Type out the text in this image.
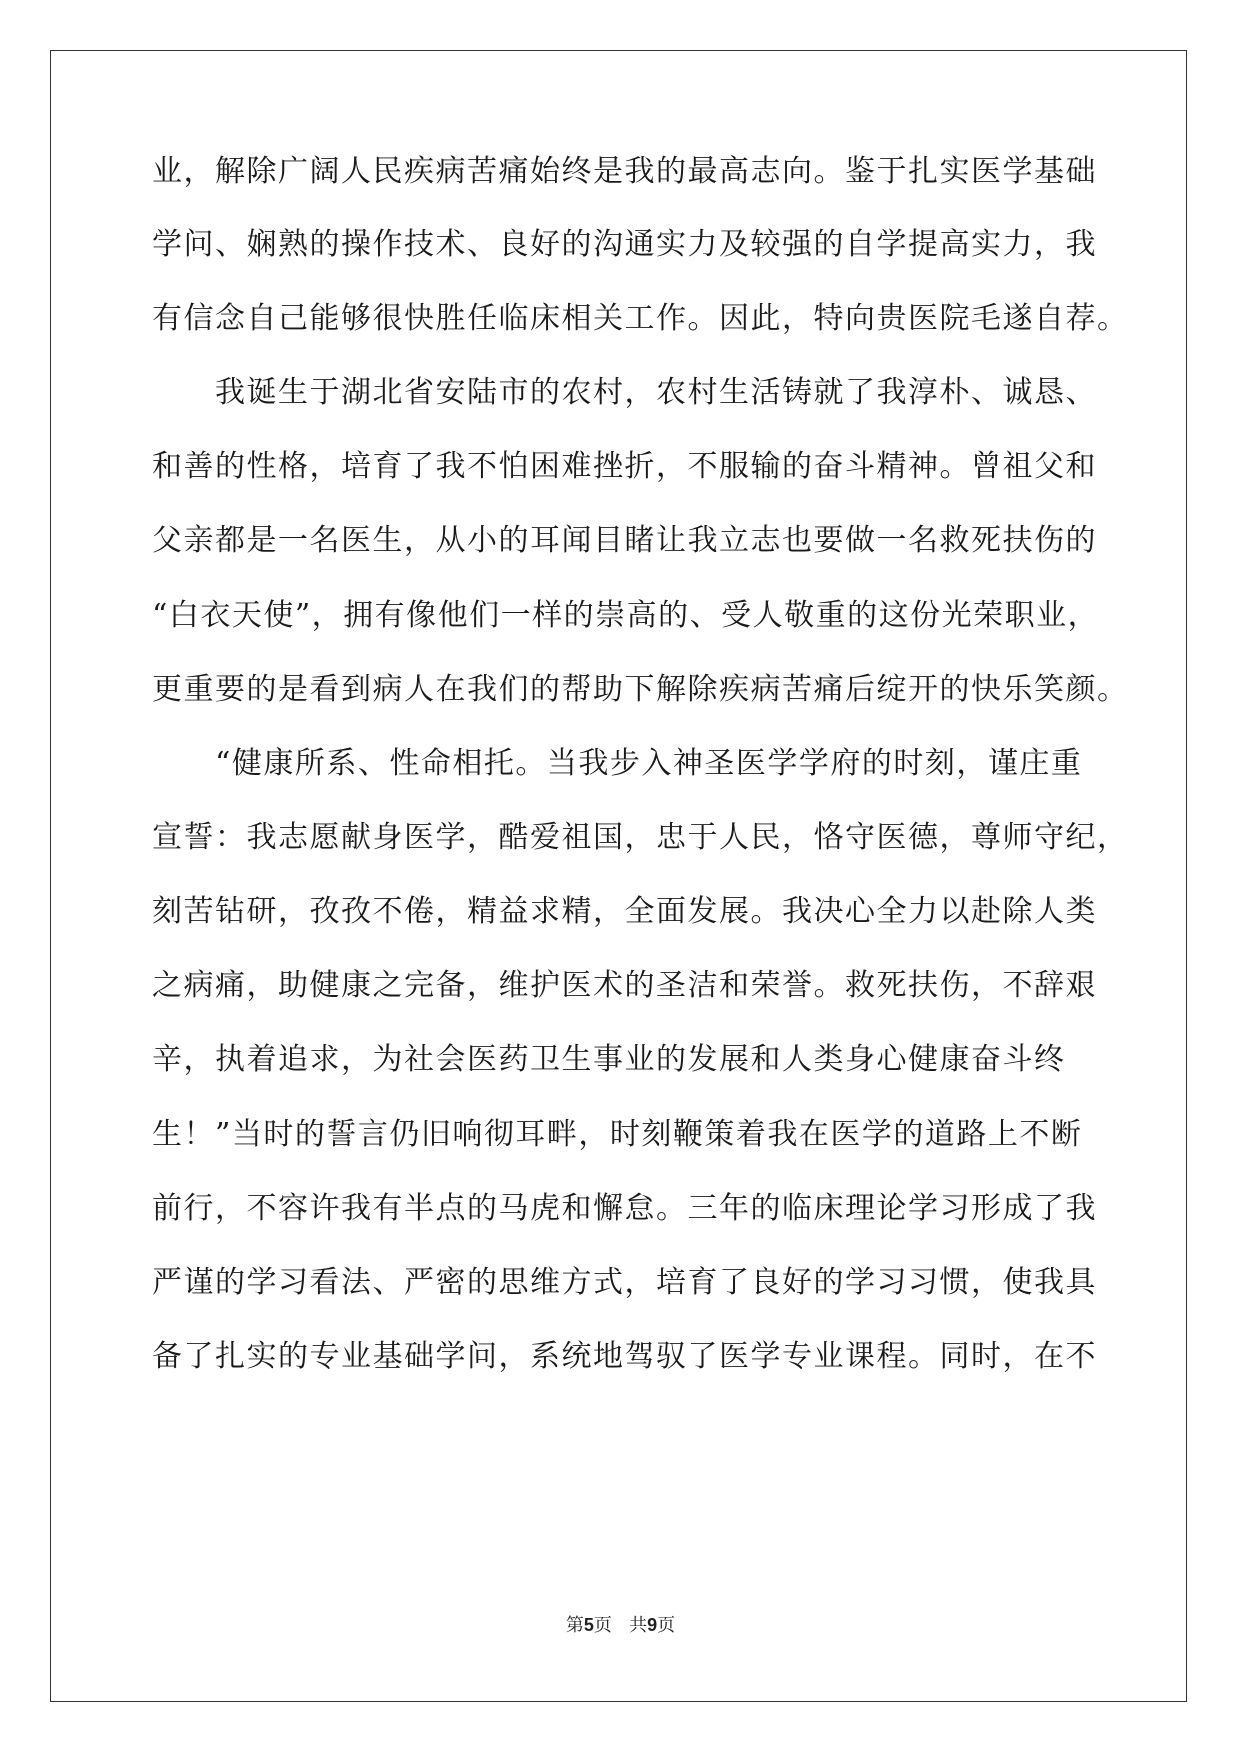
业，解除广阔人民疾病苦痛始终是我的最高志向。鉴于扎实医学基础
学问、娴熟的操作技术、良好的沟通实力及较强的自学提高实力，我
有信念自己能够很快胜任临床相关工作。因此，特向贵医院毛遂自荐。
　　我诞生于湖北省安陆市的农村，农村生活铸就了我淳朴、诚恳、
和善的性格，培育了我不怕困难挫折，不服输的奋斗精神。曾祖父和
父亲都是一名医生，从小的耳闻目睹让我立志也要做一名救死扶伤的
“白衣天使”，拥有像他们一样的崇高的、受人敬重的这份光荣职业，
更重要的是看到病人在我们的帮助下解除疾病苦痛后绽开的快乐笑颜。
　　“健康所系、性命相托。当我步入神圣医学学府的时刻，谨庄重
宣誓：我志愿献身医学，酷爱祖国，忠于人民，恪守医德，尊师守纪，
刻苦钻研，孜孜不倦，精益求精，全面发展。我决心全力以赴除人类
之病痛，助健康之完备，维护医术的圣洁和荣誉。救死扶伤，不辞艰
辛，执着追求，为社会医药卫生事业的发展和人类身心健康奋斗终
生！”当时的誓言仍旧响彻耳畔，时刻鞭策着我在医学的道路上不断
前行，不容许我有半点的马虎和懈怠。三年的临床理论学习形成了我
严谨的学习看法、严密的思维方式，培育了良好的学习习惯，使我具
备了扎实的专业基础学问，系统地驾驭了医学专业课程。同时，在不
第5页 共9页
